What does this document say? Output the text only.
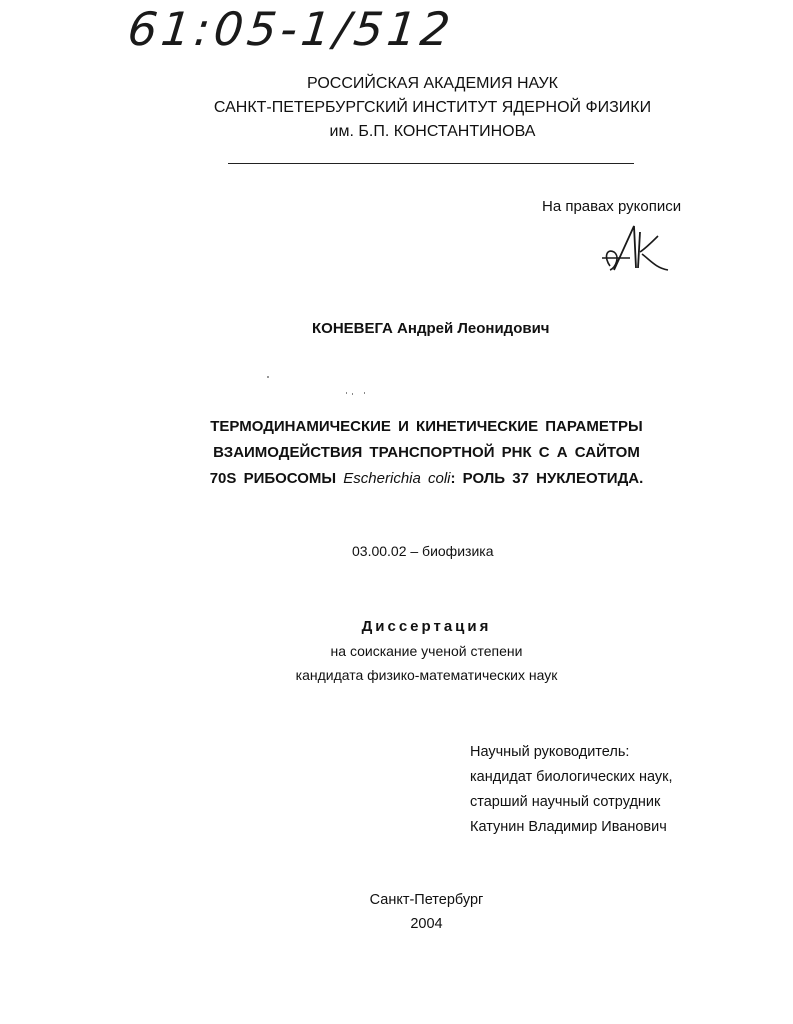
61:05-1/512
РОССИЙСКАЯ АКАДЕМИЯ НАУК
САНКТ-ПЕТЕРБУРГСКИЙ ИНСТИТУТ ЯДЕРНОЙ ФИЗИКИ
им. Б.П. КОНСТАНТИНОВА
На правах рукописи
КОНЕВЕГА Андрей Леонидович
ТЕРМОДИНАМИЧЕСКИЕ И КИНЕТИЧЕСКИЕ ПАРАМЕТРЫ
ВЗАИМОДЕЙСТВИЯ ТРАНСПОРТНОЙ РНК С А САЙТОМ
70S РИБОСОМЫ Escherichia coli: РОЛЬ 37 НУКЛЕОТИДА.
03.00.02 – биофизика
Диссертация
на соискание ученой степени
кандидата физико-математических наук
Научный руководитель:
кандидат биологических наук,
старший научный сотрудник
Катунин Владимир Иванович
Санкт-Петербург
2004
